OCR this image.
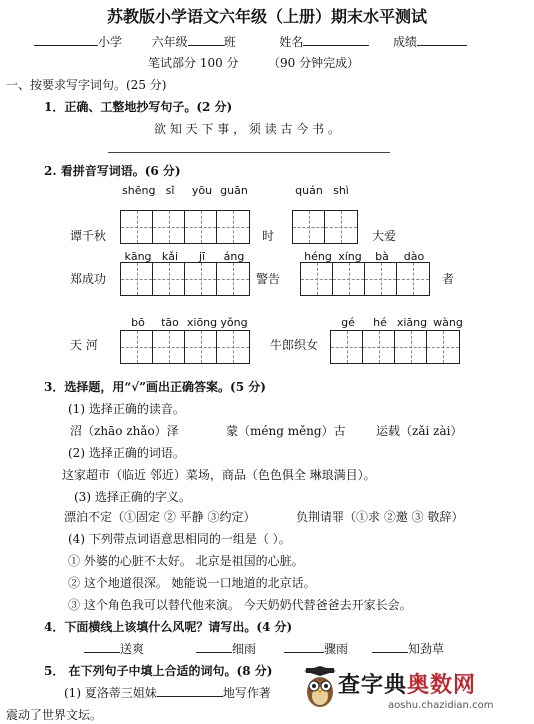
苏教版小学语文六年级（上册）期末水平测试
小学 六年级	班	姓名	成绩
笔试部分 100 分 （90 分钟完成）
一、按要求写字词句。(25 分)
1．正确、工整地抄写句子。(2 分)
欲 知 天 下 事 ， 须 读 古 今 书 。
2. 看拼音写词语。(6 分)
shēng sǐ	yōu guān	quán shì
谭千秋	时	大爱
kāng kǎi	jī	áng	héng xíng	bà	dào
郑成功	警告	者
bō	tāo xiōng yǒng	gé	hé xiāng wàng
天 河	牛郎织女
3．选择题，用“√”画出正确答案。(5 分)
(1) 选择正确的读音。
沼（zhāo zhǎo）泽	蒙（méng měng）古	运载（zǎi zài）
(2) 选择正确的词语。
这家超市（临近 邻近）菜场，商品（色色俱全 琳琅满目）。
(3) 选择正确的字义。
漂泊不定（①固定 ② 平静 ③约定）	负荆请罪（①求 ②邀 ③ 敬辞）
(4) 下列带点词语意思相同的一组是（ ）。
① 外婆的心脏不太好。 北京是祖国的心脏。
② 这个地道很深。 她能说一口地道的北京话。
③ 这个角色我可以替代他来演。 今天奶奶代替爸爸去开家长会。
4．下面横线上该填什么风呢？请写出。(4 分)
送爽	细雨	骤雨	知劲草
5． 在下列句子中填上合适的词句。(8 分)
(1) 夏洛蒂三姐妹	地写作著
震动了世界文坛。
查字典奥数网
aoshu.chazidian.com
